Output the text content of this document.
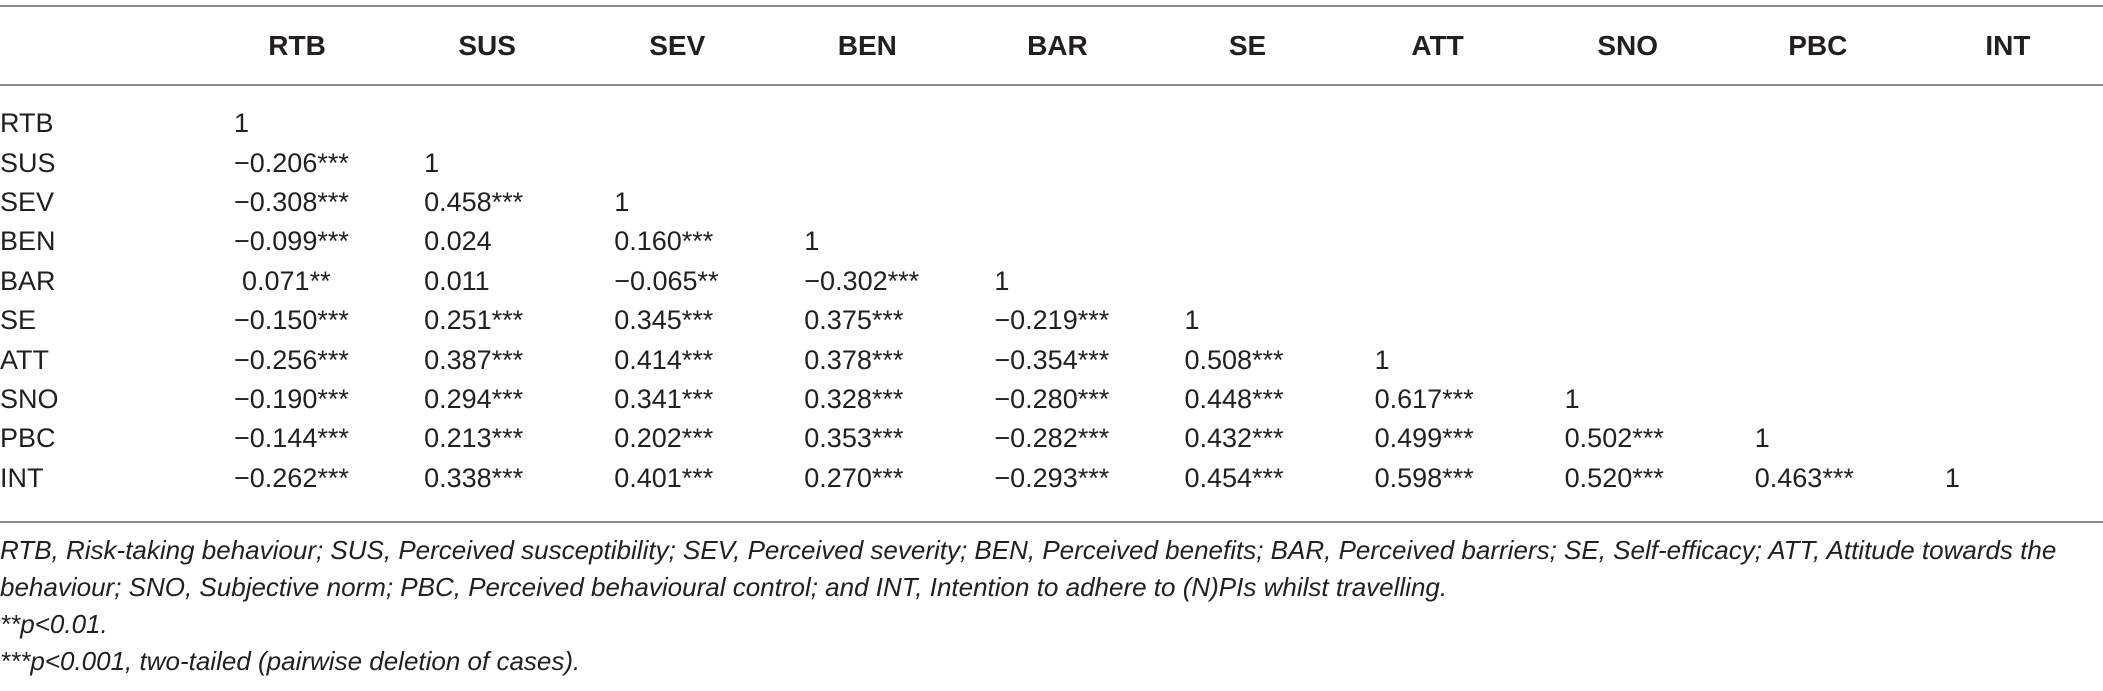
	RTB	SUS	SEV	BEN	BAR	SE	ATT	SNO	PBC	INT

RTB	1									
SUS	−0.206***	1								
SEV	−0.308***	0.458***	1							
BEN	−0.099***	0.024	0.160***	1						
BAR	0.071**	0.011	−0.065**	−0.302***	1					
SE	−0.150***	0.251***	0.345***	0.375***	−0.219***	1				
ATT	−0.256***	0.387***	0.414***	0.378***	−0.354***	0.508***	1			
SNO	−0.190***	0.294***	0.341***	0.328***	−0.280***	0.448***	0.617***	1		
PBC	−0.144***	0.213***	0.202***	0.353***	−0.282***	0.432***	0.499***	0.502***	1	
INT	−0.262***	0.338***	0.401***	0.270***	−0.293***	0.454***	0.598***	0.520***	0.463***	1

RTB, Risk-taking behaviour; SUS, Perceived susceptibility; SEV, Perceived severity; BEN, Perceived benefits; BAR, Perceived barriers; SE, Self-efficacy; ATT, Attitude towards the behaviour; SNO, Subjective norm; PBC, Perceived behavioural control; and INT, Intention to adhere to (N)PIs whilst travelling.

**p<0.01.

***p<0.001, two-tailed (pairwise deletion of cases).
